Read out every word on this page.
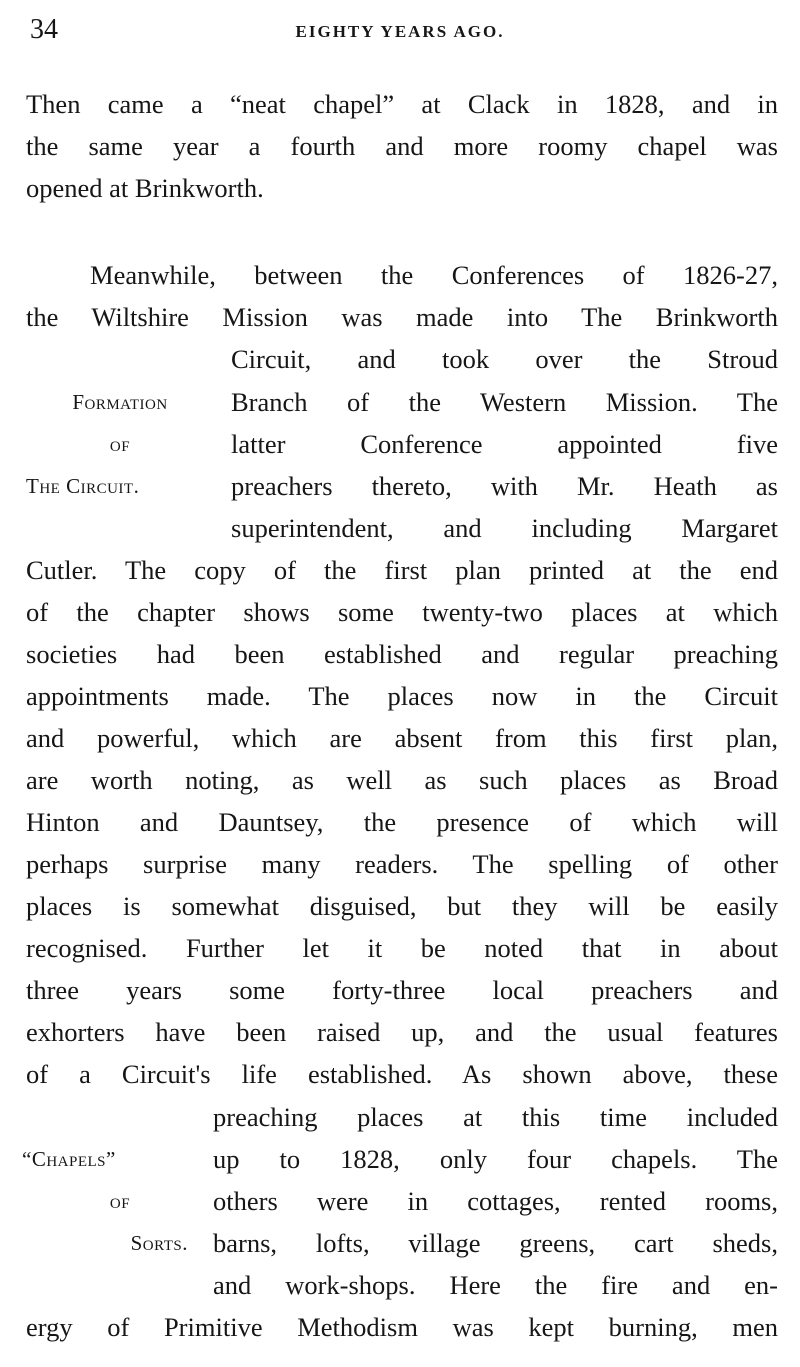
34	EIGHTY YEARS AGO.
Then came a “neat chapel” at Clack in 1828, and in
the same year a fourth and more roomy chapel was
opened at Brinkworth.
Meanwhile, between the Conferences of 1826-27,
the Wiltshire Mission was made into The Brinkworth
Circuit, and took over the Stroud
Branch of the Western Mission. The
latter Conference appointed five
preachers thereto, with Mr. Heath as
superintendent, and including Margaret
Cutler. The copy of the first plan printed at the end
of the chapter shows some twenty-two places at which
societies had been established and regular preaching
appointments made. The places now in the Circuit
and powerful, which are absent from this first plan,
are worth noting, as well as such places as Broad
Hinton and Dauntsey, the presence of which will
perhaps surprise many readers. The spelling of other
places is somewhat disguised, but they will be easily
recognised. Further let it be noted that in about
three years some forty-three local preachers and
exhorters have been raised up, and the usual features
of a Circuit's life established. As shown above, these
preaching places at this time included
up to 1828, only four chapels. The
others were in cottages, rented rooms,
barns, lofts, village greens, cart sheds,
and work-shops. Here the fire and en-
ergy of Primitive Methodism was kept burning, men
Formation
of
The Circuit.
“Chapels”
of
Sorts.
